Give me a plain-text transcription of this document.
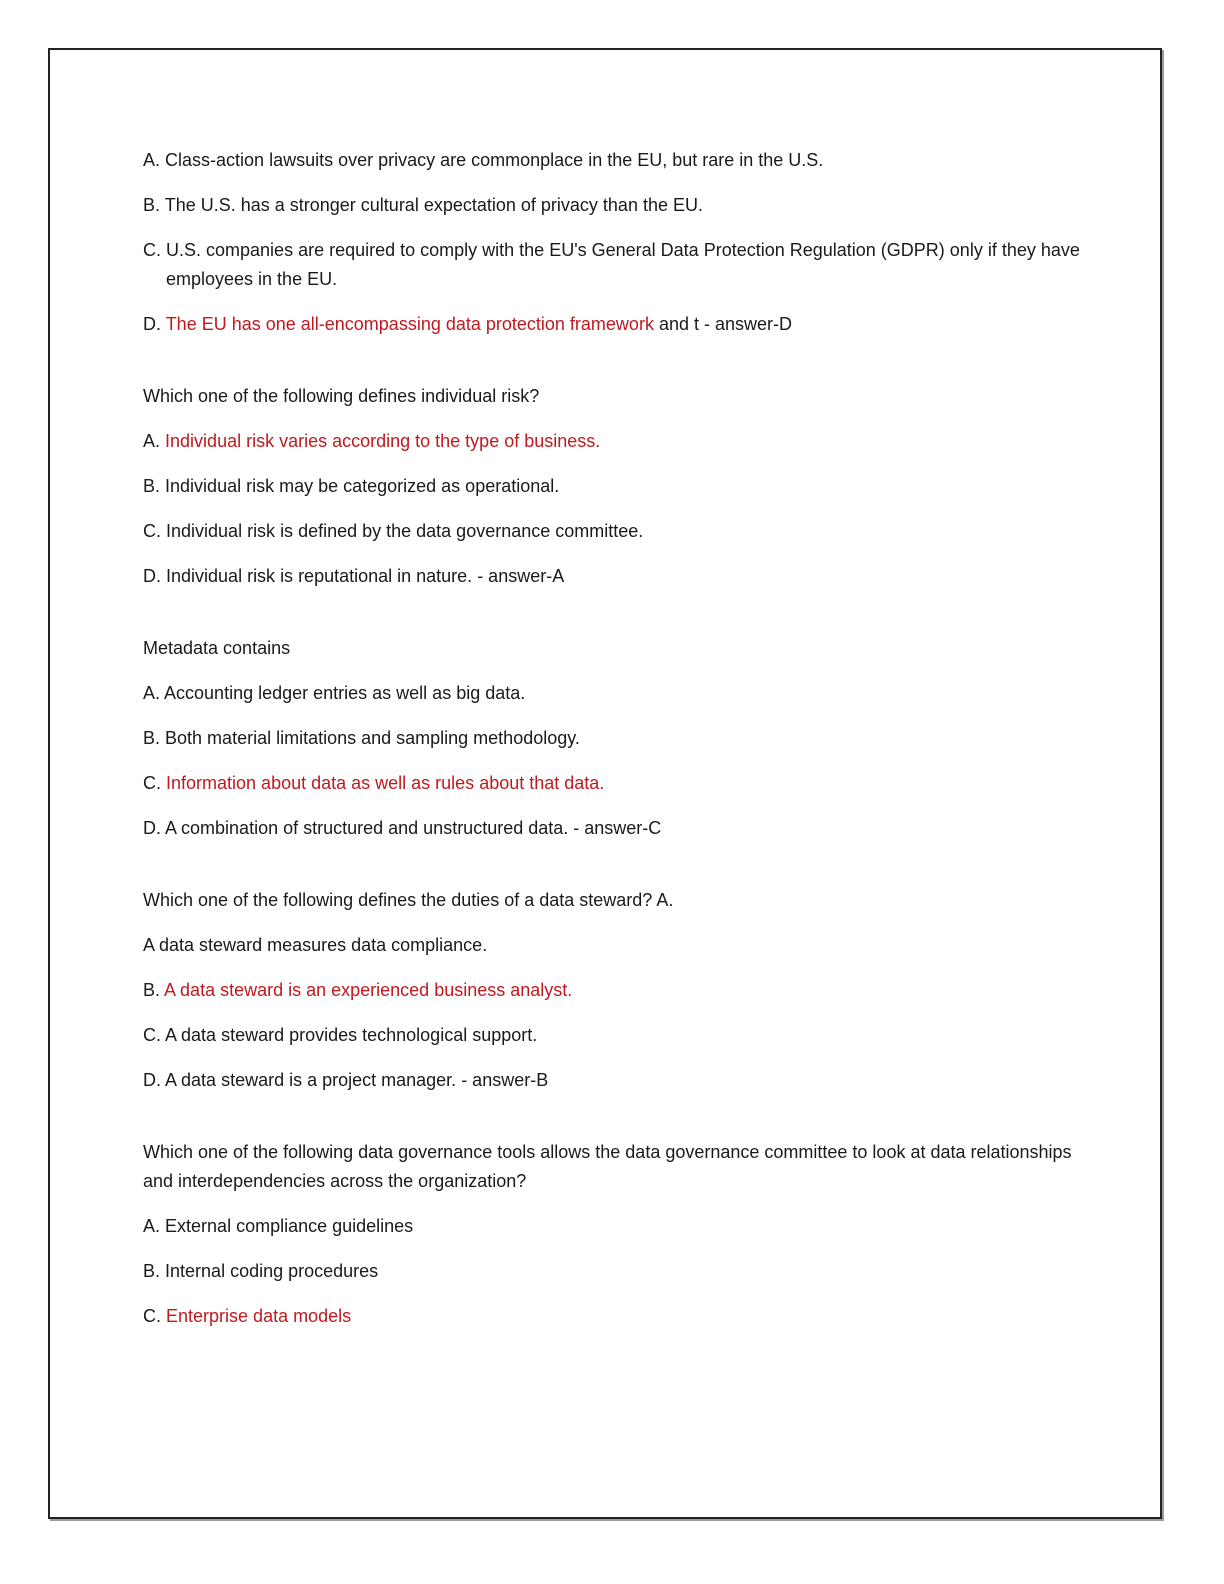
A. Class-action lawsuits over privacy are commonplace in the EU, but rare in the U.S.

B. The U.S. has a stronger cultural expectation of privacy than the EU.

C. U.S. companies are required to comply with the EU's General Data Protection Regulation (GDPR) only if they have employees in the EU.

D. The EU has one all-encompassing data protection framework and t - answer-D

Which one of the following defines individual risk?

A. Individual risk varies according to the type of business.

B. Individual risk may be categorized as operational.

C. Individual risk is defined by the data governance committee.

D. Individual risk is reputational in nature. - answer-A

Metadata contains

A. Accounting ledger entries as well as big data.

B. Both material limitations and sampling methodology.

C. Information about data as well as rules about that data.

D. A combination of structured and unstructured data. - answer-C

Which one of the following defines the duties of a data steward? A.

A data steward measures data compliance.

B. A data steward is an experienced business analyst.

C. A data steward provides technological support.

D. A data steward is a project manager. - answer-B

Which one of the following data governance tools allows the data governance committee to look at data relationships and interdependencies across the organization?

A. External compliance guidelines

B. Internal coding procedures

C. Enterprise data models
